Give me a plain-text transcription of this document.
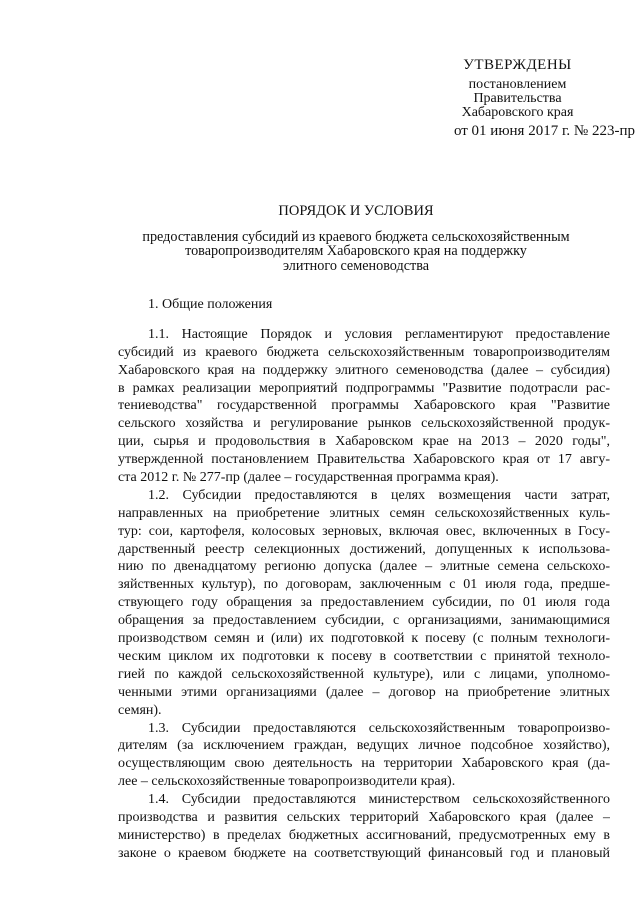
УТВЕРЖДЕНЫ
постановлением
Правительства
Хабаровского края
от 01 июня 2017 г. № 223-пр
ПОРЯДОК И УСЛОВИЯ
предоставления субсидий из краевого бюджета сельскохозяйственным
товаропроизводителям Хабаровского края на поддержку
элитного семеноводства
1. Общие положения
1.1. Настоящие Порядок и условия регламентируют предоставление
субсидий из краевого бюджета сельскохозяйственным товаропроизводителям
Хабаровского края на поддержку элитного семеноводства (далее – субсидия)
в рамках реализации мероприятий подпрограммы "Развитие подотрасли рас-
тениеводства" государственной программы Хабаровского края "Развитие
сельского хозяйства и регулирование рынков сельскохозяйственной продук-
ции, сырья и продовольствия в Хабаровском крае на 2013 – 2020 годы",
утвержденной постановлением Правительства Хабаровского края от 17 авгу-
ста 2012 г. № 277-пр (далее – государственная программа края).
1.2. Субсидии предоставляются в целях возмещения части затрат,
направленных на приобретение элитных семян сельскохозяйственных куль-
тур: сои, картофеля, колосовых зерновых, включая овес, включенных в Госу-
дарственный реестр селекционных достижений, допущенных к использова-
нию по двенадцатому регионю допуска (далее – элитные семена сельскохо-
зяйственных культур), по договорам, заключенным с 01 июля года, предше-
ствующего году обращения за предоставлением субсидии, по 01 июля года
обращения за предоставлением субсидии, с организациями, занимающимися
производством семян и (или) их подготовкой к посеву (с полным технологи-
ческим циклом их подготовки к посеву в соответствии с принятой техноло-
гией по каждой сельскохозяйственной культуре), или с лицами, уполномо-
ченными этими организациями (далее – договор на приобретение элитных
семян).
1.3. Субсидии предоставляются сельскохозяйственным товаропроизво-
дителям (за исключением граждан, ведущих личное подсобное хозяйство),
осуществляющим свою деятельность на территории Хабаровского края (да-
лее – сельскохозяйственные товаропроизводители края).
1.4. Субсидии предоставляются министерством сельскохозяйственного
производства и развития сельских территорий Хабаровского края (далее –
министерство) в пределах бюджетных ассигнований, предусмотренных ему в
законе о краевом бюджете на соответствующий финансовый год и плановый
